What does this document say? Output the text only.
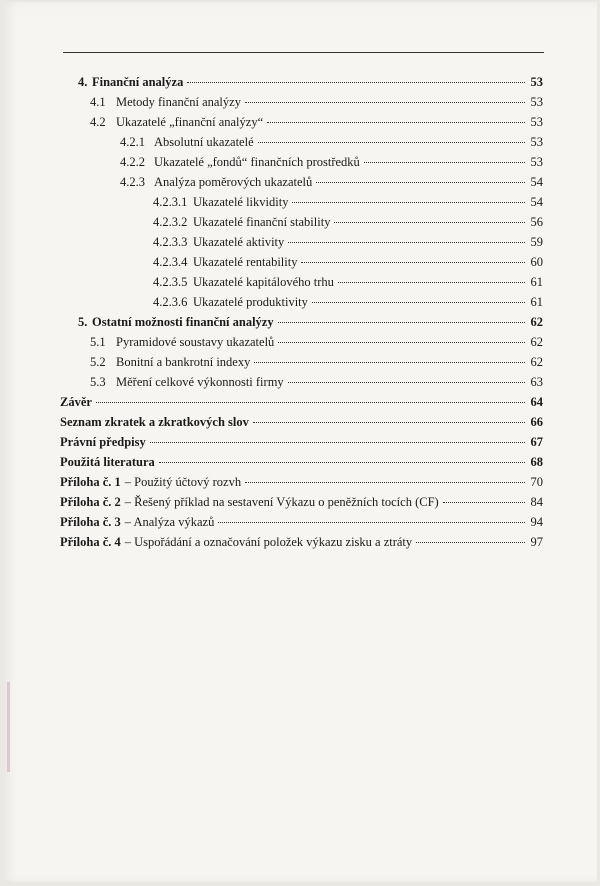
4. Finanční analýza	53
4.1 Metody finanční analýzy	53
4.2 Ukazatelé „finanční analýzy“	53
4.2.1 Absolutní ukazatelé	53
4.2.2 Ukazatelé „fondů“ finančních prostředků	53
4.2.3 Analýza poměrových ukazatelů	54
4.2.3.1 Ukazatelé likvidity	54
4.2.3.2 Ukazatelé finanční stability	56
4.2.3.3 Ukazatelé aktivity	59
4.2.3.4 Ukazatelé rentability	60
4.2.3.5 Ukazatelé kapitálového trhu	61
4.2.3.6 Ukazatelé produktivity	61
5. Ostatní možnosti finanční analýzy	62
5.1 Pyramidové soustavy ukazatelů	62
5.2 Bonitní a bankrotní indexy	62
5.3 Měření celkové výkonnosti firmy	63
Závěr	64
Seznam zkratek a zkratkových slov	66
Právní předpisy	67
Použitá literatura	68
Příloha č. 1 – Použitý účtový rozvh	70
Příloha č. 2 – Řešený příklad na sestavení Výkazu o peněžních tocích (CF)	84
Příloha č. 3 – Analýza výkazů	94
Příloha č. 4 – Uspořádání a označování položek výkazu zisku a ztráty	97
